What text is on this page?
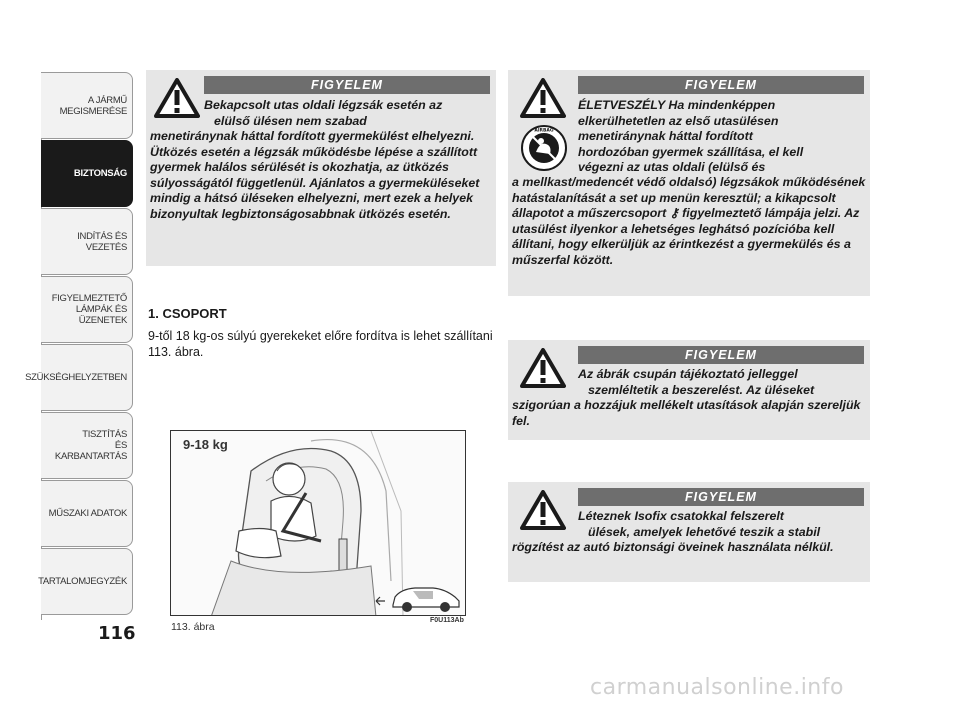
A JÁRMŰ
MEGISMERÉSE
BIZTONSÁG
INDÍTÁS ÉS VEZETÉS
FIGYELMEZTETŐ
LÁMPÁK ÉS
ÜZENETEK
SZÜKSÉGHELYZETBEN
TISZTÍTÁS
ÉS KARBANTARTÁS
MŰSZAKI ADATOK
TARTALOMJEGYZÉK
116
FIGYELEM

Bekapcsolt utas oldali légzsák esetén az

elülső ülésen nem szabad

menetiránynak háttal fordított gyermekülést elhelyezni. Ütközés esetén a légzsák működésbe lépése a szállított gyermek halálos sérülését is okozhatja, az ütközés súlyosságától függetlenül. Ajánlatos a gyermeküléseket mindig a hátsó üléseken elhelyezni, mert ezek a helyek bizonyultak legbiztonságosabbnak ütközés esetén.

FIGYELEM
AIRBAG

ÉLETVESZÉLY Ha mindenképpen

elkerülhetetlen az első utasülésen

menetiránynak háttal fordított

hordozóban gyermek szállítása, el kell

végezni az utas oldali (elülső és

a mellkast/medencét védő oldalsó) légzsákok működésének hatástalanítását a set up menün keresztül; a kikapcsolt állapotot a műszercsoport ⚷ figyelmeztető lámpája jelzi. Az utasülést ilyenkor a lehetséges leghátsó pozícióba kell állítani, hogy elkerüljük az érintkezést a gyermekülés és a műszerfal között.

FIGYELEM

Az ábrák csupán tájékoztató jelleggel

szemléltetik a beszerelést. Az üléseket

szigorúan a hozzájuk mellékelt utasítások alapján szereljük fel.

FIGYELEM

Léteznek Isofix csatokkal felszerelt

ülések, amelyek lehetővé teszik a stabil

rögzítést az autó biztonsági öveinek használata nélkül.

1. CSOPORT
9-től 18 kg-os súlyú gyerekeket előre fordítva is lehet szállítani 113. ábra.
9-18 kg
F0U113Ab
113. ábra
carmanualsonline.info
